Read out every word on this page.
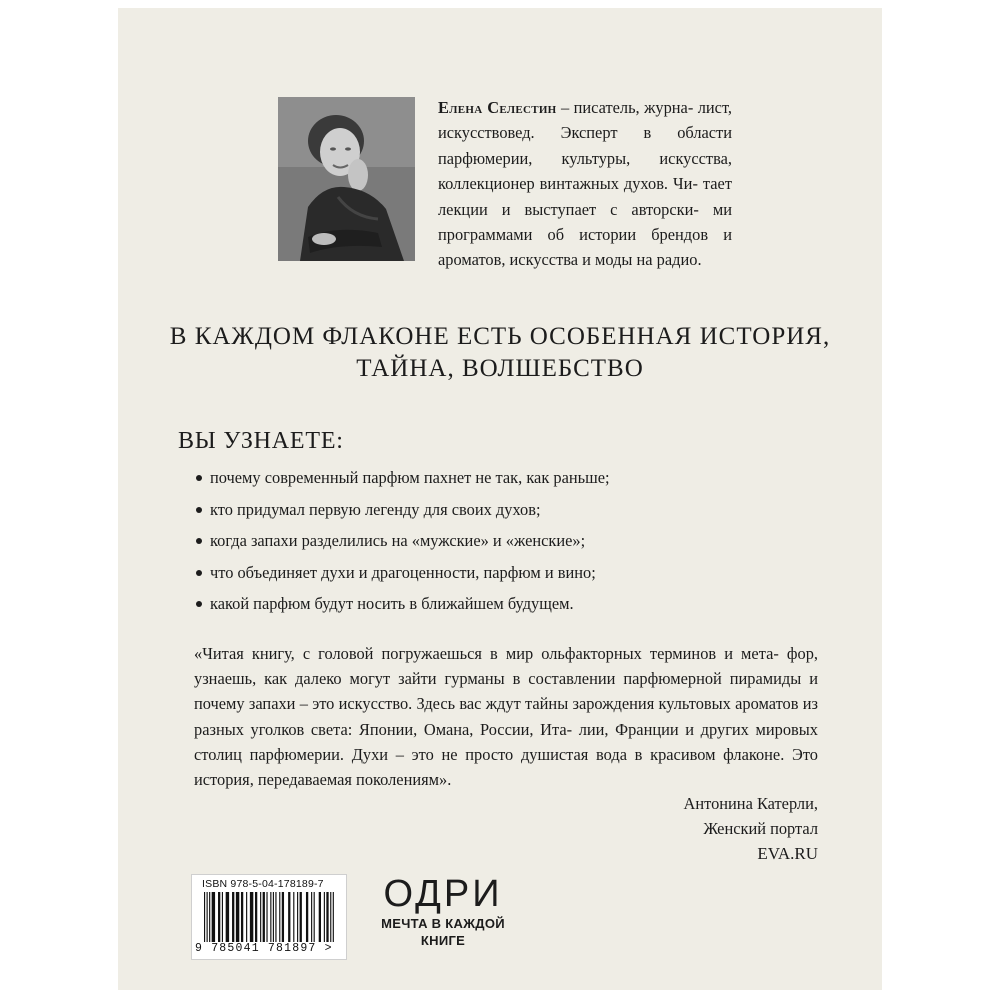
Елена Селестин – писатель, журна- лист, искусствовед. Эксперт в области парфюмерии, культуры, искусства, коллекционер винтажных духов. Чи- тает лекции и выступает с авторски- ми программами об истории брендов и ароматов, искусства и моды на радио.
В КАЖДОМ ФЛАКОНЕ ЕСТЬ ОСОБЕННАЯ ИСТОРИЯ,
ТАЙНА, ВОЛШЕБСТВО
ВЫ УЗНАЕТЕ:
почему современный парфюм пахнет не так, как раньше;
кто придумал первую легенду для своих духов;
когда запахи разделились на «мужские» и «женские»;
что объединяет духи и драгоценности, парфюм и вино;
какой парфюм будут носить в ближайшем будущем.
«Читая книгу, с головой погружаешься в мир ольфакторных терминов и мета- фор, узнаешь, как далеко могут зайти гурманы в составлении парфюмерной пирамиды и почему запахи – это искусство. Здесь вас ждут тайны зарождения культовых ароматов из разных уголков света: Японии, Омана, России, Ита- лии, Франции и других мировых столиц парфюмерии. Духи – это не просто душистая вода в красивом флаконе. Это история, передаваемая поколениям».
Антонина Катерли,
Женский портал
EVA.RU
ISBN 978-5-04-178189-7
9 785041 781897 >
ОДРИ
МЕЧТА В КАЖДОЙ
КНИГЕ
